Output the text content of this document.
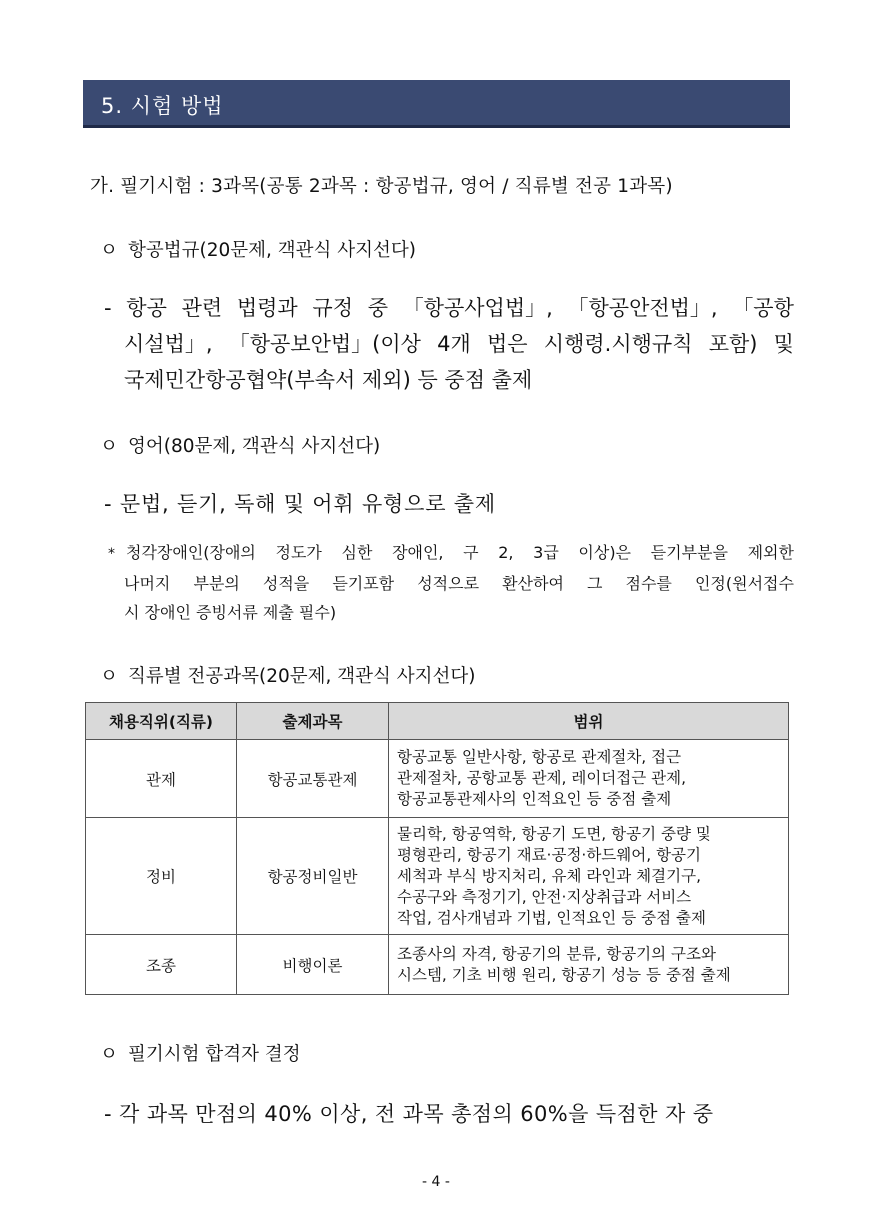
5. 시험 방법
가. 필기시험 : 3과목(공통 2과목 : 항공법규, 영어 / 직류별 전공 1과목)
ㅇ 항공법규(20문제, 객관식 사지선다)
- 항공 관련 법령과 규정 중 「항공사업법」, 「항공안전법」, 「공항
시설법」, 「항공보안법」(이상 4개 법은 시행령.시행규칙 포함) 및
국제민간항공협약(부속서 제외) 등 중점 출제
ㅇ 영어(80문제, 객관식 사지선다)
- 문법, 듣기, 독해 및 어휘 유형으로 출제
* 청각장애인(장애의 정도가 심한 장애인, 구 2, 3급 이상)은 듣기부분을 제외한
나머지 부분의 성적을 듣기포함 성적으로 환산하여 그 점수를 인정(원서접수
시 장애인 증빙서류 제출 필수)
ㅇ 직류별 전공과목(20문제, 객관식 사지선다)
채용직위(직류)	출제과목	범위
관제	항공교통관제	항공교통 일반사항, 항공로 관제절차, 접근
관제절차, 공항교통 관제, 레이더접근 관제,
항공교통관제사의 인적요인 등 중점 출제

정비	항공정비일반	물리학, 항공역학, 항공기 도면, 항공기 중량 및
평형관리, 항공기 재료·공정·하드웨어, 항공기
세척과 부식 방지처리, 유체 라인과 체결기구,
수공구와 측정기기, 안전·지상취급과 서비스
작업, 검사개념과 기법, 인적요인 등 중점 출제

조종	비행이론	조종사의 자격, 항공기의 분류, 항공기의 구조와
시스템, 기초 비행 원리, 항공기 성능 등 중점 출제
ㅇ 필기시험 합격자 결정
- 각 과목 만점의 40% 이상, 전 과목 총점의 60%을 득점한 자 중
- 4 -
